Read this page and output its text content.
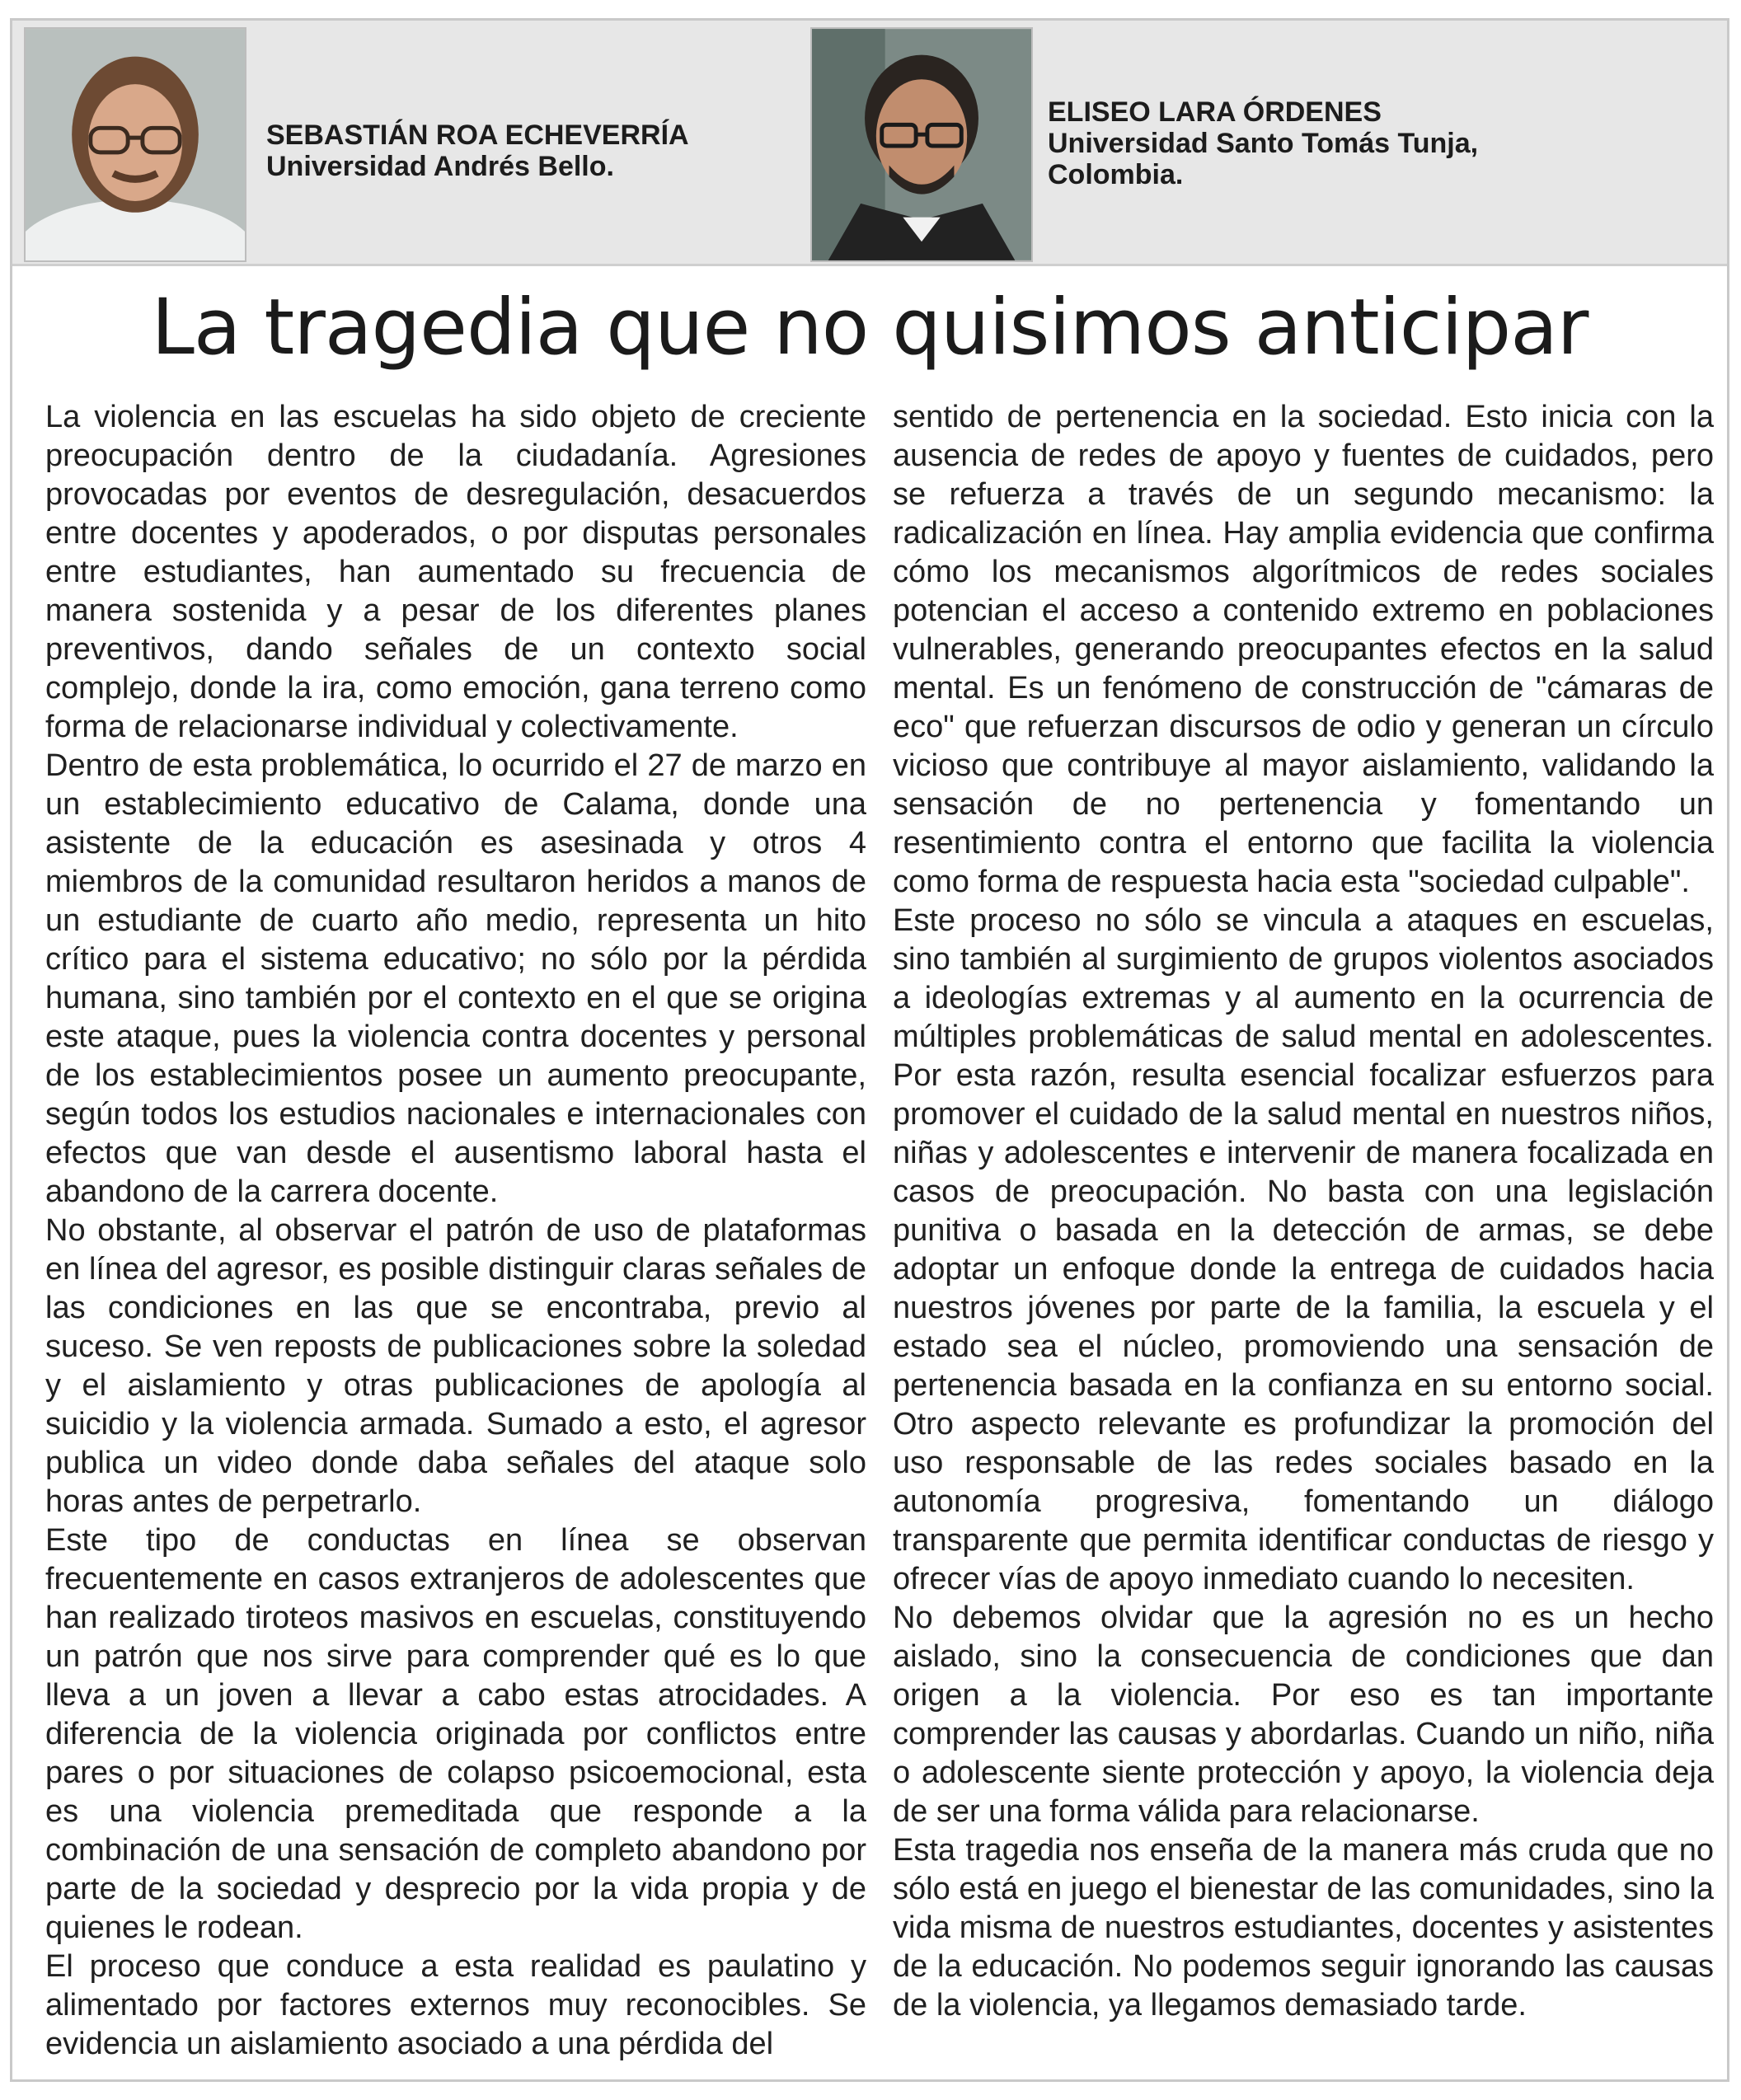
SEBASTIÁN ROA ECHEVERRÍA
Universidad Andrés Bello.
ELISEO LARA ÓRDENES
Universidad Santo Tomás Tunja,
Colombia.
La tragedia que no quisimos anticipar

La violencia en las escuelas ha sido objeto de creciente preocupación dentro de la ciudadanía. Agresiones provocadas por eventos de desregulación, desacuerdos entre docentes y apoderados, o por disputas personales entre estudiantes, han aumentado su frecuencia de manera sostenida y a pesar de los diferentes planes preventivos, dando señales de un contexto social complejo, donde la ira, como emoción, gana terreno como forma de relacionarse individual y colectivamente.

Dentro de esta problemática, lo ocurrido el 27 de marzo en un establecimiento educativo de Calama, donde una asistente de la educación es asesinada y otros 4 miembros de la comunidad resultaron heridos a manos de un estudiante de cuarto año medio, representa un hito crítico para el sistema educativo; no sólo por la pérdida humana, sino también por el contexto en el que se origina este ataque, pues la violencia contra docentes y personal de los establecimientos posee un aumento preocupante, según todos los estudios nacionales e internacionales con efectos que van desde el ausentismo laboral hasta el abandono de la carrera docente.

No obstante, al observar el patrón de uso de plataformas en línea del agresor, es posible distinguir claras señales de las condiciones en las que se encontraba, previo al suceso. Se ven reposts de publicaciones sobre la soledad y el aislamiento y otras publicaciones de apología al suicidio y la violencia armada. Sumado a esto, el agresor publica un video donde daba señales del ataque solo horas antes de perpetrarlo.

Este tipo de conductas en línea se observan frecuentemente en casos extranjeros de adolescentes que han realizado tiroteos masivos en escuelas, constituyendo un patrón que nos sirve para comprender qué es lo que lleva a un joven a llevar a cabo estas atrocidades. A diferencia de la violencia originada por conflictos entre pares o por situaciones de colapso psicoemocional, esta es una violencia premeditada que responde a la combinación de una sensación de completo abandono por parte de la sociedad y desprecio por la vida propia y de quienes le rodean.

El proceso que conduce a esta realidad es paulatino y alimentado por factores externos muy reconocibles. Se evidencia un aislamiento asociado a una pérdida del

sentido de pertenencia en la sociedad. Esto inicia con la ausencia de redes de apoyo y fuentes de cuidados, pero se refuerza a través de un segundo mecanismo: la radicalización en línea. Hay amplia evidencia que confirma cómo los mecanismos algorítmicos de redes sociales potencian el acceso a contenido extremo en poblaciones vulnerables, generando preocupantes efectos en la salud mental. Es un fenómeno de construcción de "cámaras de eco" que refuerzan discursos de odio y generan un círculo vicioso que contribuye al mayor aislamiento, validando la sensación de no pertenencia y fomentando un resentimiento contra el entorno que facilita la violencia como forma de respuesta hacia esta "sociedad culpable".

Este proceso no sólo se vincula a ataques en escuelas, sino también al surgimiento de grupos violentos asociados a ideologías extremas y al aumento en la ocurrencia de múltiples problemáticas de salud mental en adolescentes. Por esta razón, resulta esencial focalizar esfuerzos para promover el cuidado de la salud mental en nuestros niños, niñas y adolescentes e intervenir de manera focalizada en casos de preocupación. No basta con una legislación punitiva o basada en la detección de armas, se debe adoptar un enfoque donde la entrega de cuidados hacia nuestros jóvenes por parte de la familia, la escuela y el estado sea el núcleo, promoviendo una sensación de pertenencia basada en la confianza en su entorno social. Otro aspecto relevante es profundizar la promoción del uso responsable de las redes sociales basado en la autonomía progresiva, fomentando un diálogo transparente que permita identificar conductas de riesgo y ofrecer vías de apoyo inmediato cuando lo necesiten.

No debemos olvidar que la agresión no es un hecho aislado, sino la consecuencia de condiciones que dan origen a la violencia. Por eso es tan importante comprender las causas y abordarlas. Cuando un niño, niña o adolescente siente protección y apoyo, la violencia deja de ser una forma válida para relacionarse.

Esta tragedia nos enseña de la manera más cruda que no sólo está en juego el bienestar de las comunidades, sino la vida misma de nuestros estudiantes, docentes y asistentes de la educación. No podemos seguir ignorando las causas de la violencia, ya llegamos demasiado tarde.
